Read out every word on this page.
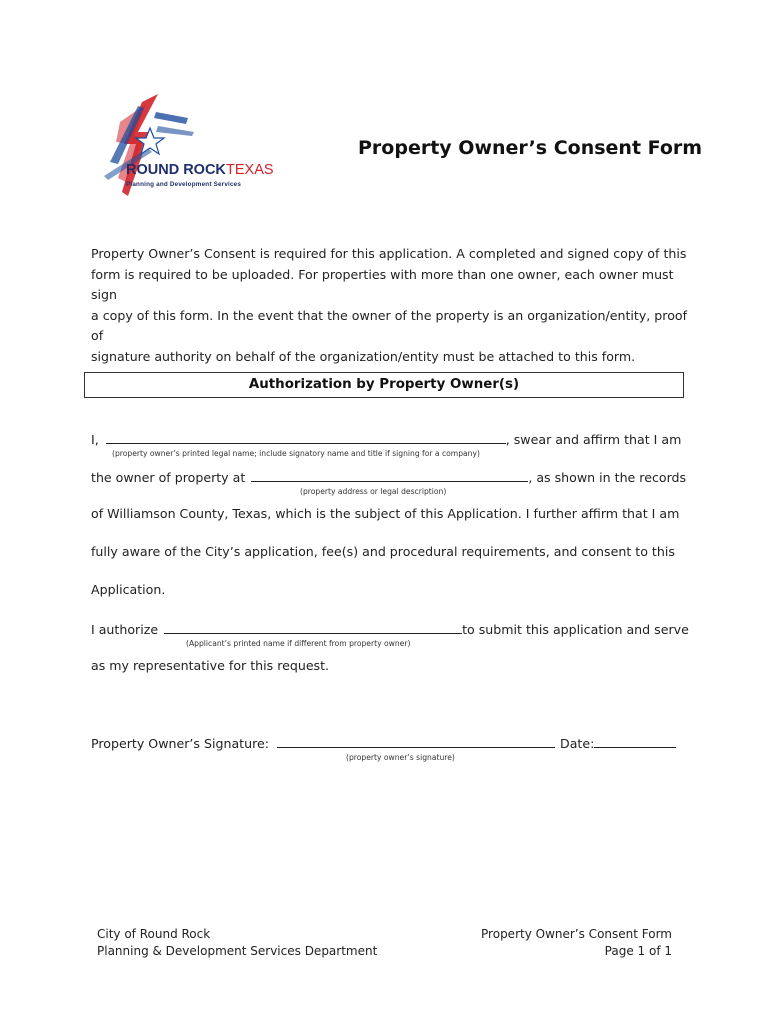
ROUND ROCK TEXAS
Planning and Development Services
Property Owner’s Consent Form

Property Owner’s Consent is required for this application. A completed and signed copy of this

form is required to be uploaded. For properties with more than one owner, each owner must sign

a copy of this form. In the event that the owner of the property is an organization/entity, proof of

signature authority on behalf of the organization/entity must be attached to this form.

Authorization by Property Owner(s)
I,	, swear and affirm that I am
(property owner’s printed legal name; include signatory name and title if signing for a company)
the owner of property at	, as shown in the records
(property address or legal description)
of Williamson County, Texas, which is the subject of this Application. I further affirm that I am
fully aware of the City’s application, fee(s) and procedural requirements, and consent to this
Application.
I authorize	to submit this application and serve
(Applicant’s printed name if different from property owner)
as my representative for this request.
Property Owner’s Signature:	Date:
(property owner’s signature)
City of Round Rock
Planning & Development Services Department
Property Owner’s Consent Form
Page 1 of 1
